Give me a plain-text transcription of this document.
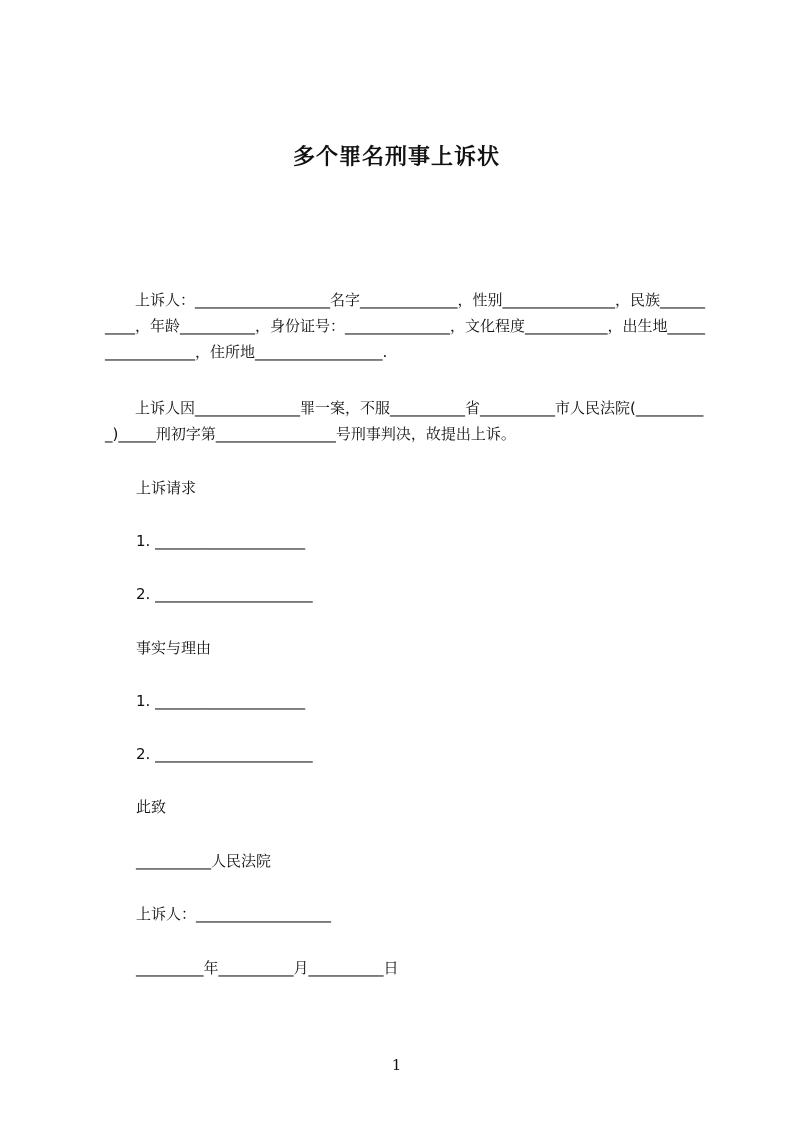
多个罪名刑事上诉状
　　上诉人：__________________名字_____________，性别_______________，民族__________，年龄__________，身份证号：______________，文化程度___________，出生地_________________，住所地_________________.
　　上诉人因______________罪一案，不服__________省__________市人民法院(__________)_____刑初字第________________号刑事判决，故提出上诉。
上诉请求
1. ____________________
2. _____________________
事实与理由
1. ____________________
2. _____________________
此致
__________人民法院
上诉人：__________________
_________年__________月__________日
1
